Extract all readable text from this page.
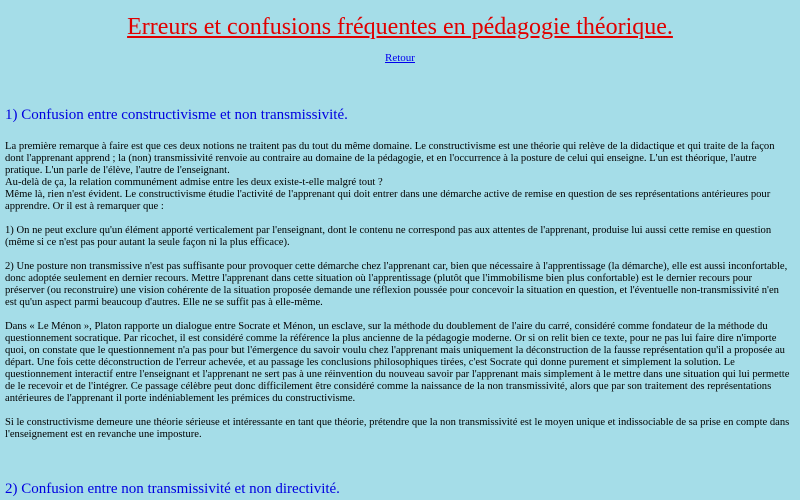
Erreurs et confusions fréquentes en pédagogie théorique.
Retour
1) Confusion entre constructivisme et non transmissivité.

La première remarque à faire est que ces deux notions ne traitent pas du tout du même domaine. Le constructivisme est une théorie qui relève de la didactique et qui traite de la façon
dont l'apprenant apprend ; la (non) transmissivité renvoie au contraire au domaine de la pédagogie, et en l'occurrence à la posture de celui qui enseigne. L'un est théorique, l'autre
pratique. L'un parle de l'élève, l'autre de l'enseignant.
Au-delà de ça, la relation communément admise entre les deux existe-t-elle malgré tout ?
Même là, rien n'est évident. Le constructivisme étudie l'activité de l'apprenant qui doit entrer dans une démarche active de remise en question de ses représentations antérieures pour
apprendre. Or il est à remarquer que :

1) On ne peut exclure qu'un élément apporté verticalement par l'enseignant, dont le contenu ne correspond pas aux attentes de l'apprenant, produise lui aussi cette remise en question
(même si ce n'est pas pour autant la seule façon ni la plus efficace).

2) Une posture non transmissive n'est pas suffisante pour provoquer cette démarche chez l'apprenant car, bien que nécessaire à l'apprentissage (la démarche), elle est aussi inconfortable,
donc adoptée seulement en dernier recours. Mettre l'apprenant dans cette situation où l'apprentissage (plutôt que l'immobilisme bien plus confortable) est le dernier recours pour
préserver (ou reconstruire) une vision cohérente de la situation proposée demande une réflexion poussée pour concevoir la situation en question, et l'éventuelle non-transmissivité n'en
est qu'un aspect parmi beaucoup d'autres. Elle ne se suffit pas à elle-même.

Dans « Le Ménon », Platon rapporte un dialogue entre Socrate et Ménon, un esclave, sur la méthode du doublement de l'aire du carré, considéré comme fondateur de la méthode du
questionnement socratique. Par ricochet, il est considéré comme la référence la plus ancienne de la pédagogie moderne. Or si on relit bien ce texte, pour ne pas lui faire dire n'importe
quoi, on constate que le questionnement n'a pas pour but l'émergence du savoir voulu chez l'apprenant mais uniquement la déconstruction de la fausse représentation qu'il a proposée au
départ. Une fois cette déconstruction de l'erreur achevée, et au passage les conclusions philosophiques tirées, c'est Socrate qui donne purement et simplement la solution. Le
questionnement interactif entre l'enseignant et l'apprenant ne sert pas à une réinvention du nouveau savoir par l'apprenant mais simplement à le mettre dans une situation qui lui permette
de le recevoir et de l'intégrer. Ce passage célèbre peut donc difficilement être considéré comme la naissance de la non transmissivité, alors que par son traitement des représentations
antérieures de l'apprenant il porte indéniablement les prémices du constructivisme.

Si le constructivisme demeure une théorie sérieuse et intéressante en tant que théorie, prétendre que la non transmissivité est le moyen unique et indissociable de sa prise en compte dans
l'enseignement est en revanche une imposture.

2) Confusion entre non transmissivité et non directivité.
